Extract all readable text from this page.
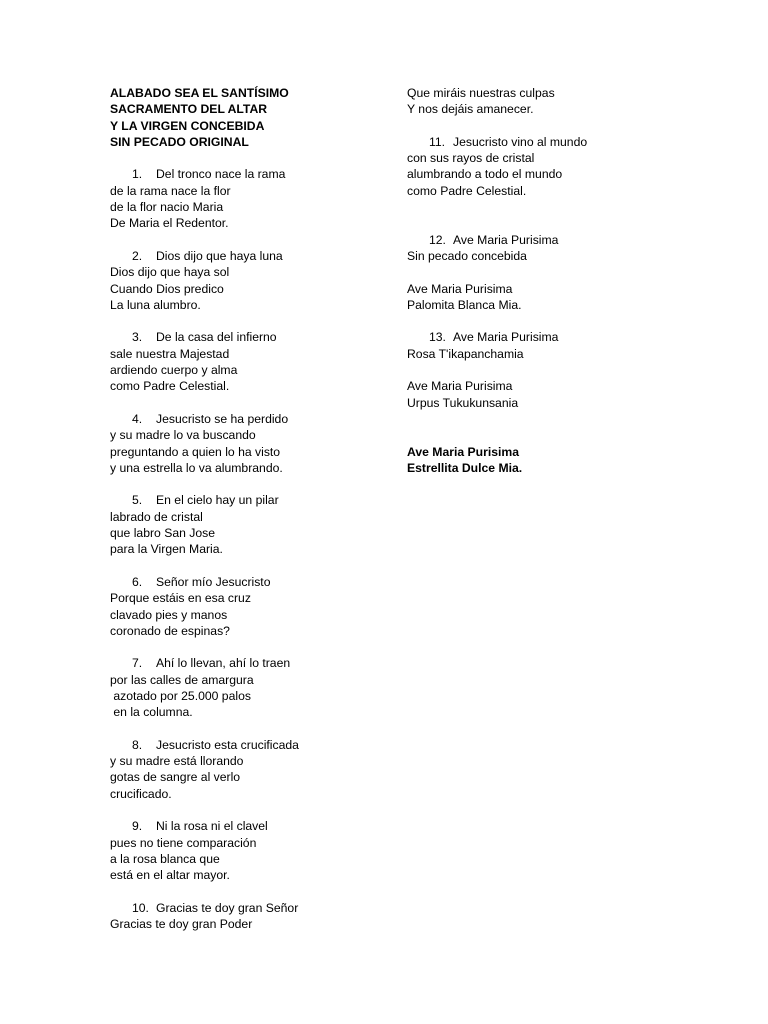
ALABADO SEA EL SANTÍSIMO
SACRAMENTO DEL ALTAR
Y LA VIRGEN CONCEBIDA
SIN PECADO ORIGINAL
1. Del tronco nace la rama
de la rama nace la flor
de la flor nacio Maria
De Maria el Redentor.
2. Dios dijo que haya luna
Dios dijo que haya sol
Cuando Dios predico
La luna alumbro.
3. De la casa del infierno
sale nuestra Majestad
ardiendo cuerpo y alma
como Padre Celestial.
4. Jesucristo se ha perdido
y su madre lo va buscando
preguntando a quien lo ha visto
y una estrella lo va alumbrando.
5. En el cielo hay un pilar
labrado de cristal
que labro San Jose
para la Virgen Maria.
6. Señor mío Jesucristo
Porque estáis en esa cruz
clavado pies y manos
coronado de espinas?
7. Ahí lo llevan, ahí lo traen
por las calles de amargura
azotado por 25.000 palos
en la columna.
8. Jesucristo esta crucificada
y su madre está llorando
gotas de sangre al verlo
crucificado.
9. Ni la rosa ni el clavel
pues no tiene comparación
a la rosa blanca que
está en el altar mayor.
10. Gracias te doy gran Señor
Gracias te doy gran Poder
Que miráis nuestras culpas
Y nos dejáis amanecer.
11. Jesucristo vino al mundo
con sus rayos de cristal
alumbrando a todo el mundo
como Padre Celestial.
12. Ave Maria Purisima
Sin pecado concebida
Ave Maria Purisima
Palomita Blanca Mia.
13. Ave Maria Purisima
Rosa T'ikapanchamia
Ave Maria Purisima
Urpus Tukukunsania
Ave Maria Purisima
Estrellita Dulce Mia.
